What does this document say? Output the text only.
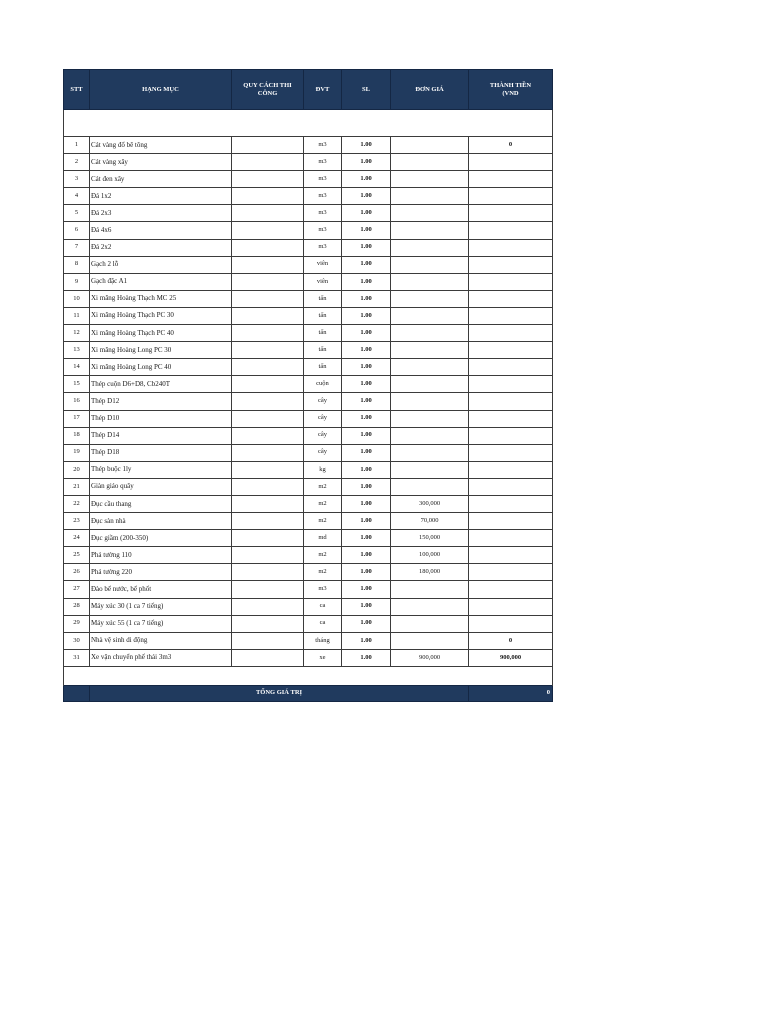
STT	HẠNG MỤC	QUY CÁCH THI
CÔNG	ĐVT	SL	ĐƠN GIÁ	THÀNH TIỀN
(VND

1	Cát vàng đổ bê tông		m3	1.00		0
2	Cát vàng xây		m3	1.00		
3	Cát đen xây		m3	1.00		
4	Đá 1x2		m3	1.00		
5	Đá 2x3		m3	1.00		
6	Đá 4x6		m3	1.00		
7	Đá 2x2		m3	1.00		
8	Gạch 2 lỗ		viên	1.00		
9	Gạch đặc A1		viên	1.00		
10	Xi măng Hoàng Thạch MC 25		tấn	1.00		
11	Xi măng Hoàng Thạch PC 30		tấn	1.00		
12	Xi măng Hoàng Thạch PC 40		tấn	1.00		
13	Xi măng Hoàng Long PC 30		tấn	1.00		
14	Xi măng Hoàng Long PC 40		tấn	1.00		
15	Thép cuộn D6+D8, Cb240T		cuộn	1.00		
16	Thép D12		cây	1.00		
17	Thép D10		cây	1.00		
18	Thép D14		cây	1.00		
19	Thép D18		cây	1.00		
20	Thép buộc 1ly		kg	1.00		
21	Giàn giáo quây		m2	1.00		
22	Đục cầu thang		m2	1.00	300,000	
23	Đục sàn nhà		m2	1.00	70,000	
24	Đục giầm (200-350)		md	1.00	150,000	
25	Phá tường 110		m2	1.00	100,000	
26	Phá tường 220		m2	1.00	180,000	
27	Đào bể nước, bể phốt		m3	1.00		
28	Máy xúc 30 (1 ca 7 tiếng)		ca	1.00		
29	Máy xúc 55 (1 ca 7 tiếng)		ca	1.00		
30	Nhà vệ sinh di động		tháng	1.00		0
31	Xe vận chuyển phế thải 3m3		xe	1.00	900,000	900,000

	TỔNG GIÁ TRỊ					0
